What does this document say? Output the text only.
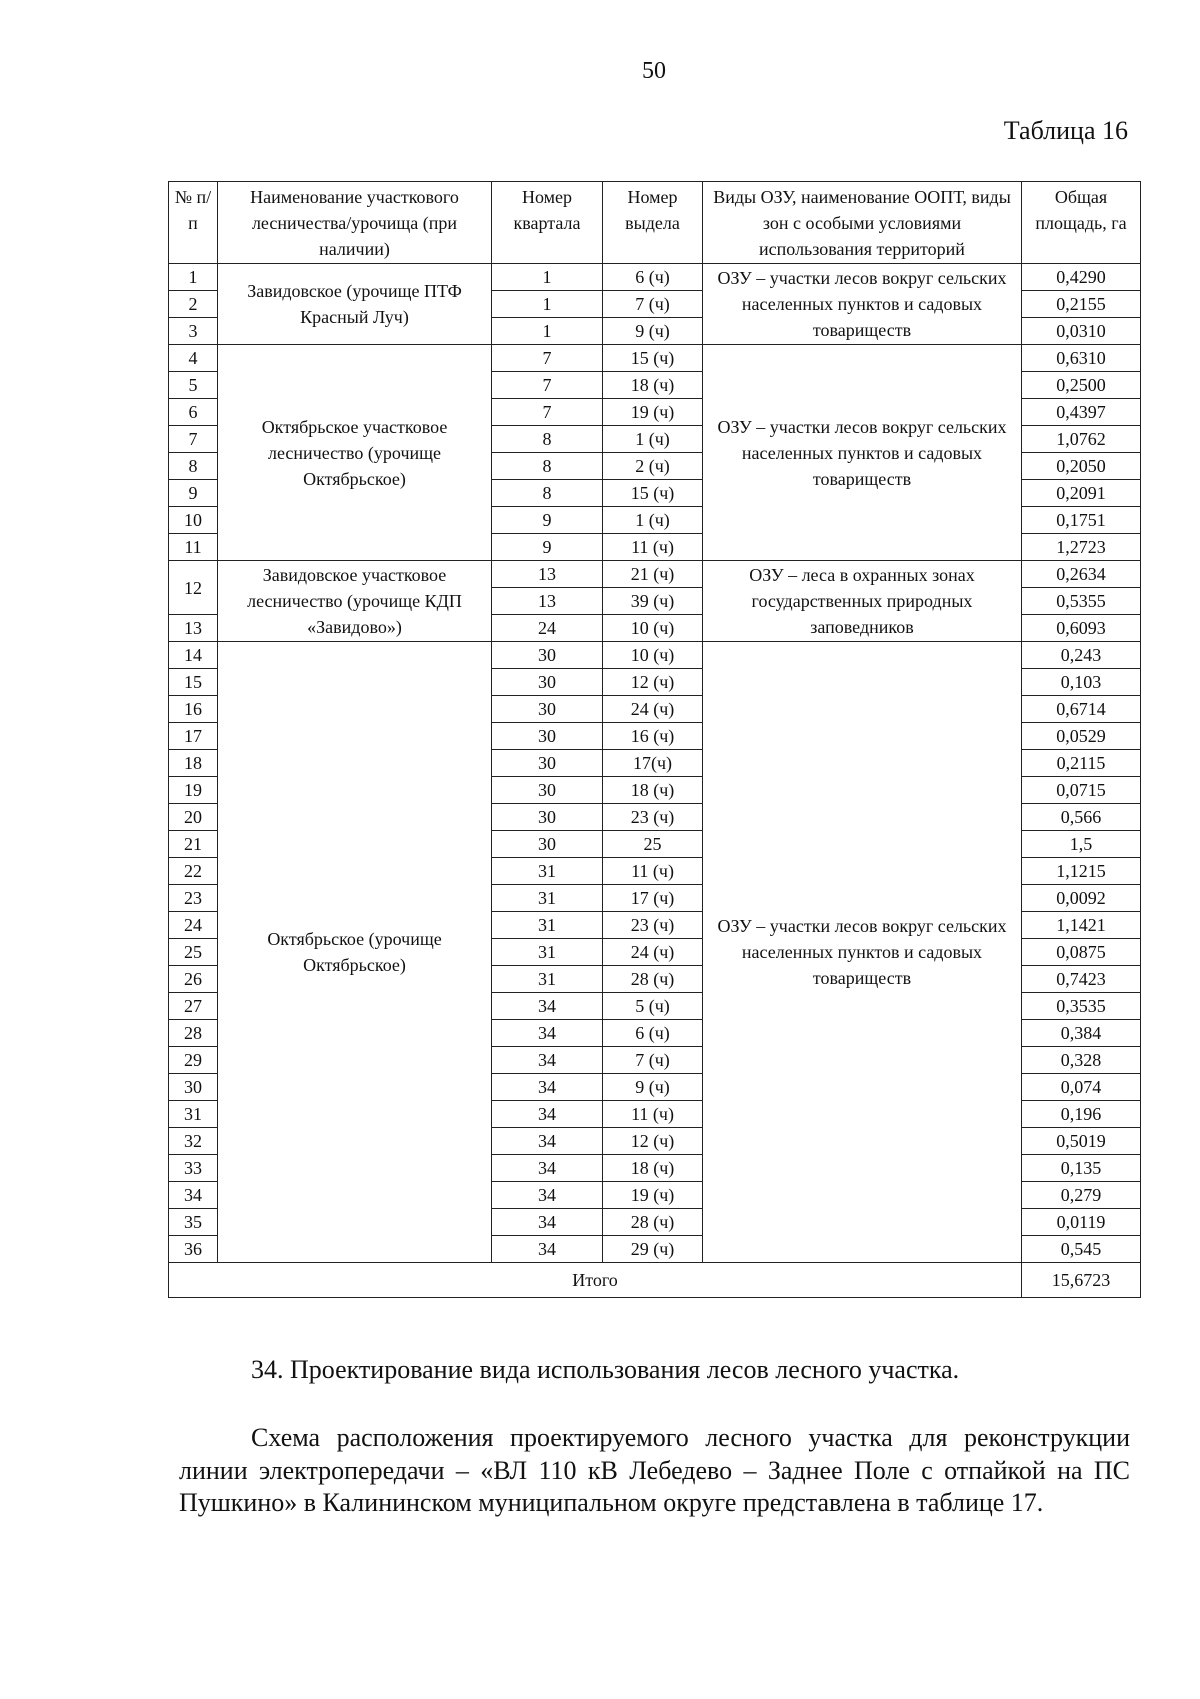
50
Таблица 16
№ п/п	Наименование участкового лесничества/урочища (при наличии)	Номер квартала	Номер выдела	Виды ОЗУ, наименование ООПТ, виды зон с особыми условиями использования территорий	Общая площадь, га
1	Завидовское (урочище ПТФ Красный Луч)	1	6 (ч)	ОЗУ – участки лесов вокруг сельских населенных пунктов и садовых товариществ	0,4290
2		1	7 (ч)		0,2155
3		1	9 (ч)		0,0310
4	Октябрьское участковое лесничество (урочище Октябрьское)	7	15 (ч)	ОЗУ – участки лесов вокруг сельских населенных пунктов и садовых товариществ	0,6310
5		7	18 (ч)		0,2500
6		7	19 (ч)		0,4397
7		8	1 (ч)		1,0762
8		8	2 (ч)		0,2050
9		8	15 (ч)		0,2091
10		9	1 (ч)		0,1751
11		9	11 (ч)		1,2723
12	Завидовское участковое лесничество (урочище КДП «Завидово»)	13	21 (ч)	ОЗУ – леса в охранных зонах государственных природных заповедников	0,2634
		13	39 (ч)		0,5355
13		24	10 (ч)		0,6093
14	Октябрьское (урочище Октябрьское)	30	10 (ч)	ОЗУ – участки лесов вокруг сельских населенных пунктов и садовых товариществ	0,243
15		30	12 (ч)		0,103
16		30	24 (ч)		0,6714
17		30	16 (ч)		0,0529
18		30	17(ч)		0,2115
19		30	18 (ч)		0,0715
20		30	23 (ч)		0,566
21		30	25		1,5
22		31	11 (ч)		1,1215
23		31	17 (ч)		0,0092
24		31	23 (ч)		1,1421
25		31	24 (ч)		0,0875
26		31	28 (ч)		0,7423
27		34	5 (ч)		0,3535
28		34	6 (ч)		0,384
29		34	7 (ч)		0,328
30		34	9 (ч)		0,074
31		34	11 (ч)		0,196
32		34	12 (ч)		0,5019
33		34	18 (ч)		0,135
34		34	19 (ч)		0,279
35		34	28 (ч)		0,0119
36		34	29 (ч)		0,545
Итого					15,6723
34. Проектирование вида использования лесов лесного участка.
Схема расположения проектируемого лесного участка для реконструкции линии электропередачи – «ВЛ 110 кВ Лебедево – Заднее Поле с отпайкой на ПС Пушкино» в Калининском муниципальном округе представлена в таблице 17.
